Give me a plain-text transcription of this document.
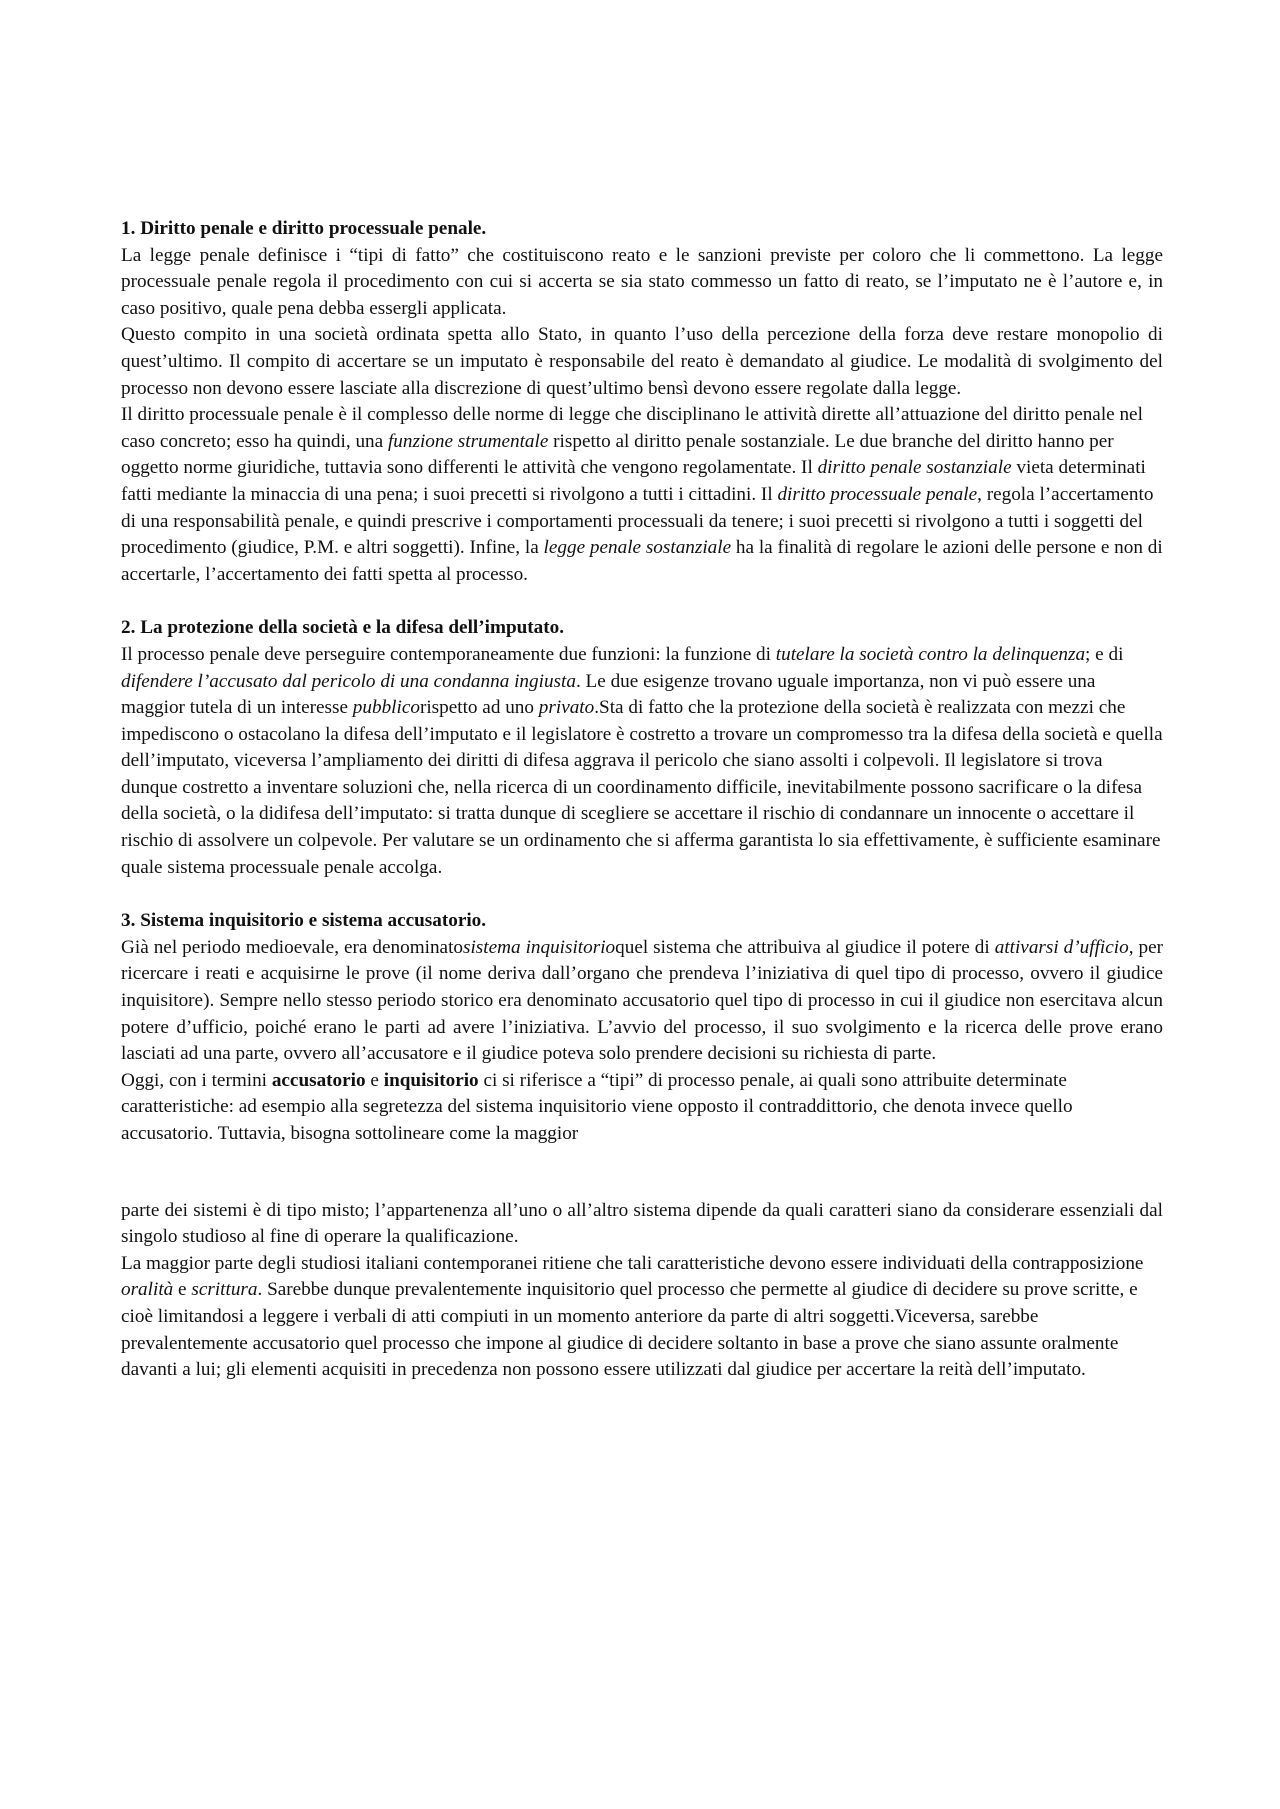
1. Diritto penale e diritto processuale penale.

La legge penale definisce i “tipi di fatto” che costituiscono reato e le sanzioni previste per coloro che li commettono. La legge processuale penale regola il procedimento con cui si accerta se sia stato commesso un fatto di reato, se l’imputato ne è l’autore e, in caso positivo, quale pena debba essergli applicata.

Questo compito in una società ordinata spetta allo Stato, in quanto l’uso della percezione della forza deve restare monopolio di quest’ultimo. Il compito di accertare se un imputato è responsabile del reato è demandato al giudice. Le modalità di svolgimento del processo non devono essere lasciate alla discrezione di quest’ultimo bensì devono essere regolate dalla legge.

Il diritto processuale penale è il complesso delle norme di legge che disciplinano le attività dirette all’attuazione del diritto penale nel caso concreto; esso ha quindi, una funzione strumentale rispetto al diritto penale sostanziale. Le due branche del diritto hanno per oggetto norme giuridiche, tuttavia sono differenti le attività che vengono regolamentate. Il diritto penale sostanziale vieta determinati fatti mediante la minaccia di una pena; i suoi precetti si rivolgono a tutti i cittadini. Il diritto processuale penale, regola l’accertamento di una responsabilità penale, e quindi prescrive i comportamenti processuali da tenere; i suoi precetti si rivolgono a tutti i soggetti del procedimento (giudice, P.M. e altri soggetti). Infine, la legge penale sostanziale ha la finalità di regolare le azioni delle persone e non di accertarle, l’accertamento dei fatti spetta al processo.

2. La protezione della società e la difesa dell’imputato.

Il processo penale deve perseguire contemporaneamente due funzioni: la funzione di tutelare la società contro la delinquenza; e di difendere l’accusato dal pericolo di una condanna ingiusta. Le due esigenze trovano uguale importanza, non vi può essere una maggior tutela di un interesse pubblicorispetto ad uno privato.Sta di fatto che la protezione della società è realizzata con mezzi che impediscono o ostacolano la difesa dell’imputato e il legislatore è costretto a trovare un compromesso tra la difesa della società e quella dell’imputato, viceversa l’ampliamento dei diritti di difesa aggrava il pericolo che siano assolti i colpevoli. Il legislatore si trova dunque costretto a inventare soluzioni che, nella ricerca di un coordinamento difficile, inevitabilmente possono sacrificare o la difesa della società, o la didifesa dell’imputato: si tratta dunque di scegliere se accettare il rischio di condannare un innocente o accettare il rischio di assolvere un colpevole. Per valutare se un ordinamento che si afferma garantista lo sia effettivamente, è sufficiente esaminare quale sistema processuale penale accolga.

3. Sistema inquisitorio e sistema accusatorio.

Già nel periodo medioevale, era denominatosistema inquisitorioquel sistema che attribuiva al giudice il potere di attivarsi d’ufficio, per ricercare i reati e acquisirne le prove (il nome deriva dall’organo che prendeva l’iniziativa di quel tipo di processo, ovvero il giudice inquisitore). Sempre nello stesso periodo storico era denominato accusatorio quel tipo di processo in cui il giudice non esercitava alcun potere d’ufficio, poiché erano le parti ad avere l’iniziativa. L’avvio del processo, il suo svolgimento e la ricerca delle prove erano lasciati ad una parte, ovvero all’accusatore e il giudice poteva solo prendere decisioni su richiesta di parte.

Oggi, con i termini accusatorio e inquisitorio ci si riferisce a “tipi” di processo penale, ai quali sono attribuite determinate caratteristiche: ad esempio alla segretezza del sistema inquisitorio viene opposto il contraddittorio, che denota invece quello accusatorio. Tuttavia, bisogna sottolineare come la maggior

parte dei sistemi è di tipo misto; l’appartenenza all’uno o all’altro sistema dipende da quali caratteri siano da considerare essenziali dal singolo studioso al fine di operare la qualificazione.

La maggior parte degli studiosi italiani contemporanei ritiene che tali caratteristiche devono essere individuati della contrapposizione oralità e scrittura. Sarebbe dunque prevalentemente inquisitorio quel processo che permette al giudice di decidere su prove scritte, e cioè limitandosi a leggere i verbali di atti compiuti in un momento anteriore da parte di altri soggetti.Viceversa, sarebbe prevalentemente accusatorio quel processo che impone al giudice di decidere soltanto in base a prove che siano assunte oralmente davanti a lui; gli elementi acquisiti in precedenza non possono essere utilizzati dal giudice per accertare la reità dell’imputato.
